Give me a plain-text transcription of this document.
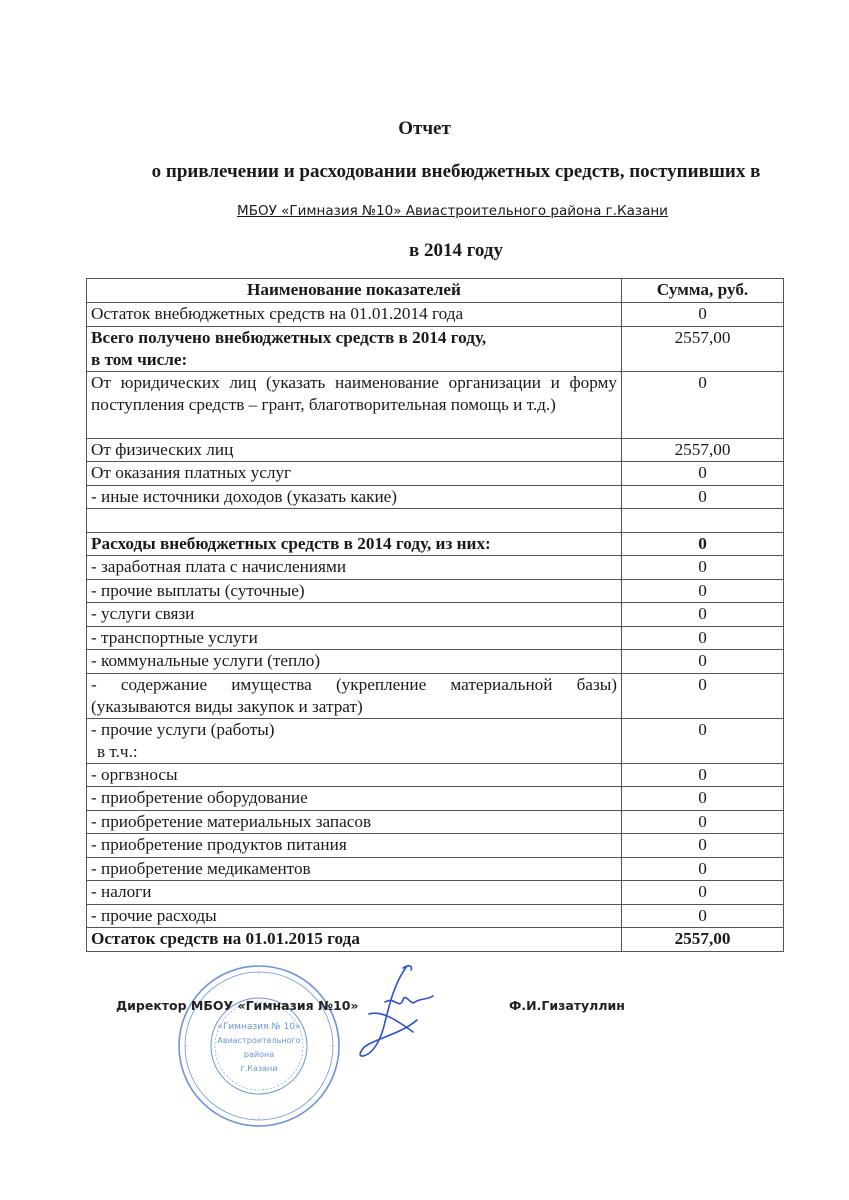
Отчет
о привлечении и расходовании внебюджетных средств, поступивших в
МБОУ «Гимназия №10» Авиастроительного района г.Казани
в 2014 году
Наименование показателей	Сумма, руб.
Остаток внебюджетных средств на 01.01.2014 года	0

Всего получено внебюджетных средств в 2014 году,
в том числе:	2557,00
От юридических лиц (указать наименование организации и форму поступления средств – грант, благотворительная помощь и т.д.)	0
От физических лиц	2557,00
От оказания платных услуг	0
- иные источники доходов (указать какие)	0

Расходы внебюджетных средств в 2014 году, из них:	0
- заработная плата с начислениями	0
- прочие выплаты (суточные)	0
- услуги связи	0
- транспортные услуги	0
- коммунальные услуги (тепло)	0
- содержание имущества (укрепление материальной базы) (указываются виды закупок и затрат)	0

- прочие услуги (работы)
в т.ч.:	0
- оргвзносы	0
- приобретение оборудование	0
- приобретение материальных запасов	0
- приобретение продуктов питания	0
- приобретение медикаментов	0
- налоги	0
- прочие расходы	0
Остаток средств на 01.01.2015 года	2557,00
«Гимназия № 10»
Авиастроительного
района
г.Казани
Директор МБОУ «Гимназия №10»	Ф.И.Гизатуллин
